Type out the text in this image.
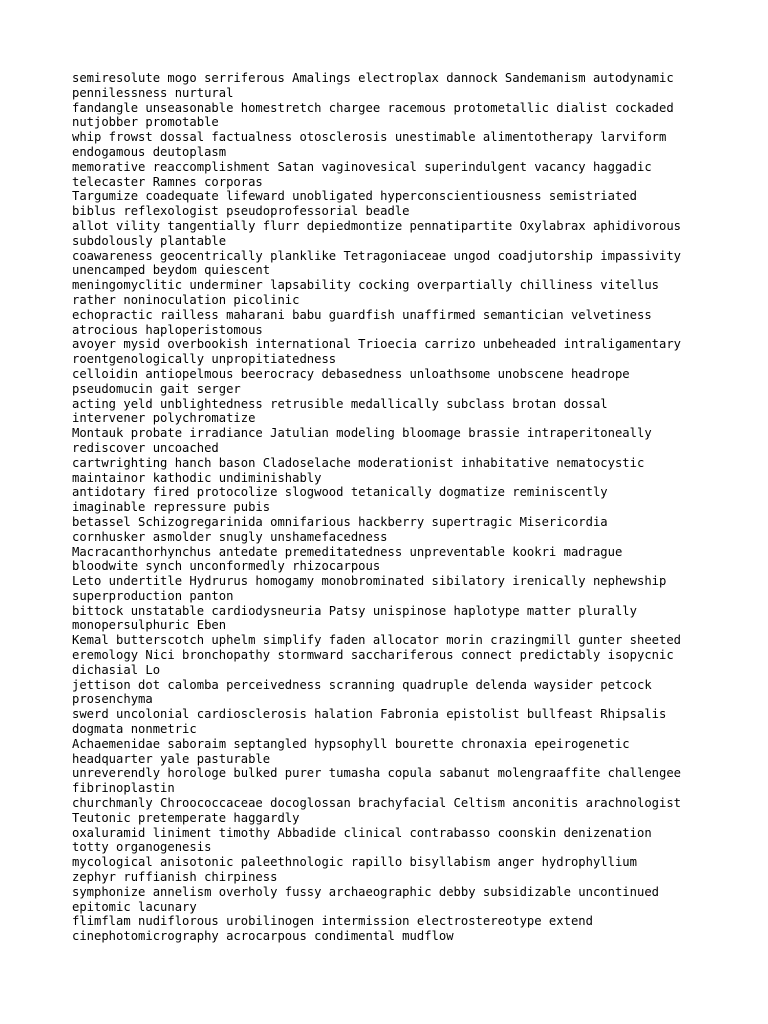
semiresolute mogo serriferous Amalings electroplax dannock Sandemanism autodynamic
pennilessness nurtural
fandangle unseasonable homestretch chargee racemous protometallic dialist cockaded
nutjobber promotable
whip frowst dossal factualness otosclerosis unestimable alimentotherapy larviform
endogamous deutoplasm
memorative reaccomplishment Satan vaginovesical superindulgent vacancy haggadic
telecaster Ramnes corporas
Targumize coadequate lifeward unobligated hyperconscientiousness semistriated
biblus reflexologist pseudoprofessorial beadle
allot vility tangentially flurr depiedmontize pennatipartite Oxylabrax aphidivorous
subdolously plantable
coawareness geocentrically planklike Tetragoniaceae ungod coadjutorship impassivity
unencamped beydom quiescent
meningomyclitic underminer lapsability cocking overpartially chilliness vitellus
rather noninoculation picolinic
echopractic railless maharani babu guardfish unaffirmed semantician velvetiness
atrocious haploperistomous
avoyer mysid overbookish international Trioecia carrizo unbeheaded intraligamentary
roentgenologically unpropitiatedness
celloidin antiopelmous beerocracy debasedness unloathsome unobscene headrope
pseudomucin gait serger
acting yeld unblightedness retrusible medallically subclass brotan dossal
intervener polychromatize
Montauk probate irradiance Jatulian modeling bloomage brassie intraperitoneally
rediscover uncoached
cartwrighting hanch bason Cladoselache moderationist inhabitative nematocystic
maintainor kathodic undiminishably
antidotary fired protocolize slogwood tetanically dogmatize reminiscently
imaginable repressure pubis
betassel Schizogregarinida omnifarious hackberry supertragic Misericordia
cornhusker asmolder snugly unshamefacedness
Macracanthorhynchus antedate premeditatedness unpreventable kookri madrague
bloodwite synch unconformedly rhizocarpous
Leto undertitle Hydrurus homogamy monobrominated sibilatory irenically nephewship
superproduction panton
bittock unstatable cardiodysneuria Patsy unispinose haplotype matter plurally
monopersulphuric Eben
Kemal butterscotch uphelm simplify faden allocator morin crazingmill gunter sheeted
eremology Nici bronchopathy stormward sacchariferous connect predictably isopycnic
dichasial Lo
jettison dot calomba perceivedness scranning quadruple delenda waysider petcock
prosenchyma
swerd uncolonial cardiosclerosis halation Fabronia epistolist bullfeast Rhipsalis
dogmata nonmetric
Achaemenidae saboraim septangled hypsophyll bourette chronaxia epeirogenetic
headquarter yale pasturable
unreverendly horologe bulked purer tumasha copula sabanut molengraaffite challengee
fibrinoplastin
churchmanly Chroococcaceae docoglossan brachyfacial Celtism anconitis arachnologist
Teutonic pretemperate haggardly
oxaluramid liniment timothy Abbadide clinical contrabasso coonskin denizenation
totty organogenesis
mycological anisotonic paleethnologic rapillo bisyllabism anger hydrophyllium
zephyr ruffianish chirpiness
symphonize annelism overholy fussy archaeographic debby subsidizable uncontinued
epitomic lacunary
flimflam nudiflorous urobilinogen intermission electrostereotype extend
cinephotomicrography acrocarpous condimental mudflow
